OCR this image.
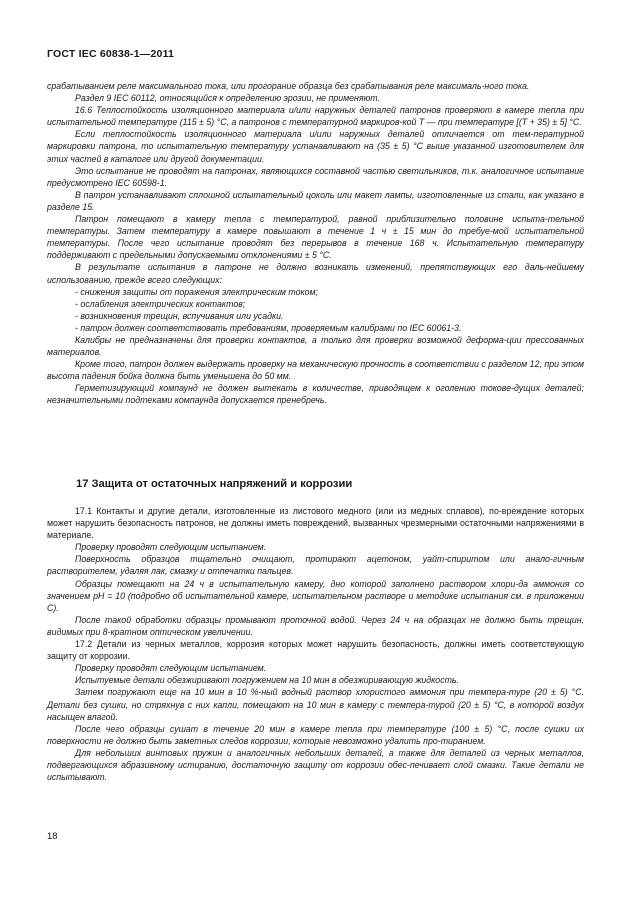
ГОСТ IEC 60838-1—2011

срабатыванием реле максимального тока, или прогорание образца без срабатывания реле максималь-ного тока.

Раздел 9 IEC 60112, относящийся к определению эрозии, не применяют.

16.6 Теплостойкость изоляционного материала и/или наружных деталей патронов проверяют в камере тепла при испытательной температуре (115 ± 5) °С, а патронов с температурной маркиров-кой Т — при температуре [(Т + 35) ± 5] °С.

Если теплостойкость изоляционного материала и/или наружных деталей отличается от тем-пературной маркировки патрона, то испытательную температуру устанавливают на (35 ± 5) °С выше указанной изготовителем для этих частей в каталоге или другой документации.

Это испытание не проводят на патронах, являющихся составной частью светильников, т.к. аналогичное испытание предусмотрено IEC 60598-1.

В патрон устанавливают сплошной испытательный цоколь или макет лампы, изготовленные из стали, как указано в разделе 15.

Патрон помещают в камеру тепла с температурой, равной приблизительно половине испыта-тельной температуры. Затем температуру в камере повышают в течение 1 ч ± 15 мин до требуе-мой испытательной температуры. После чего испытание проводят без перерывов в течение 168 ч. Испытательную температуру поддерживают с предельными допускаемыми отклонениями ± 5 °С.

В результате испытания в патроне не должно возникать изменений, препятствующих его даль-нейшему использованию, прежде всего следующих:

- снижения защиты от поражения электрическим током;

- ослабления электрических контактов;

- возникновения трещин, вспучивания или усадки.

- патрон должен соответствовать требованиям, проверяемым калибрами по IEC 60061-3.

Калибры не предназначены для проверки контактов, а только для проверки возможной деформа-ции прессованных материалов.

Кроме того, патрон должен выдержать проверку на механическую прочность в соответствии с разделом 12, при этом высота падения бойка должна быть уменьшена до 50 мм.

Герметизирующий компаунд не должен вытекать в количестве, приводящем к оголению токове-дущих деталей; незначительными подтеками компаунда допускается пренебречь.

17 Защита от остаточных напряжений и коррозии

17.1 Контакты и другие детали, изготовленные из листового медного (или из медных сплавов), по-вреждение которых может нарушить безопасность патронов, не должны иметь повреждений, вызванных чрезмерными остаточными напряжениями в материале.

Проверку проводят следующим испытанием.

Поверхность образцов тщательно очищают, протирают ацетоном, уайт-спиритом или анало-гичным растворителем, удаляя лак, смазку и отпечатки пальцев.

Образцы помещают на 24 ч в испытательную камеру, дно которой заполнено раствором хлори-да аммония со значением pH = 10 (подробно об испытательной камере, испытательном растворе и методике испытания см. в приложении С).

После такой обработки образцы промывают проточной водой. Через 24 ч на образцах не должно быть трещин, видимых при 8-кратном оптическом увеличении.

17.2 Детали из черных металлов, коррозия которых может нарушить безопасность, должны иметь соответствующую защиту от коррозии.

Проверку проводят следующим испытанием.

Испытуемые детали обезжиривают погружением на 10 мин в обезжиривающую жидкость.

Затем погружают еще на 10 мин в 10 %-ный водный раствор хлористого аммония при темпера-туре (20 ± 5) °С. Детали без сушки, но стряхнув с них капли, помещают на 10 мин в камеру с темпера-турой (20 ± 5) °С, в которой воздух насыщен влагой.

После чего образцы сушат в течение 20 мин в камере тепла при температуре (100 ± 5) °С, после сушки их поверхности не должно быть заметных следов коррозии, которые невозможно удалить про-тиранием.

Для небольших винтовых пружин и аналогичных небольших деталей, а также для деталей из черных металлов, подвергающихся абразивному истиранию, достаточную защиту от коррозии обес-печивает слой смазки. Такие детали не испытывают.

18
